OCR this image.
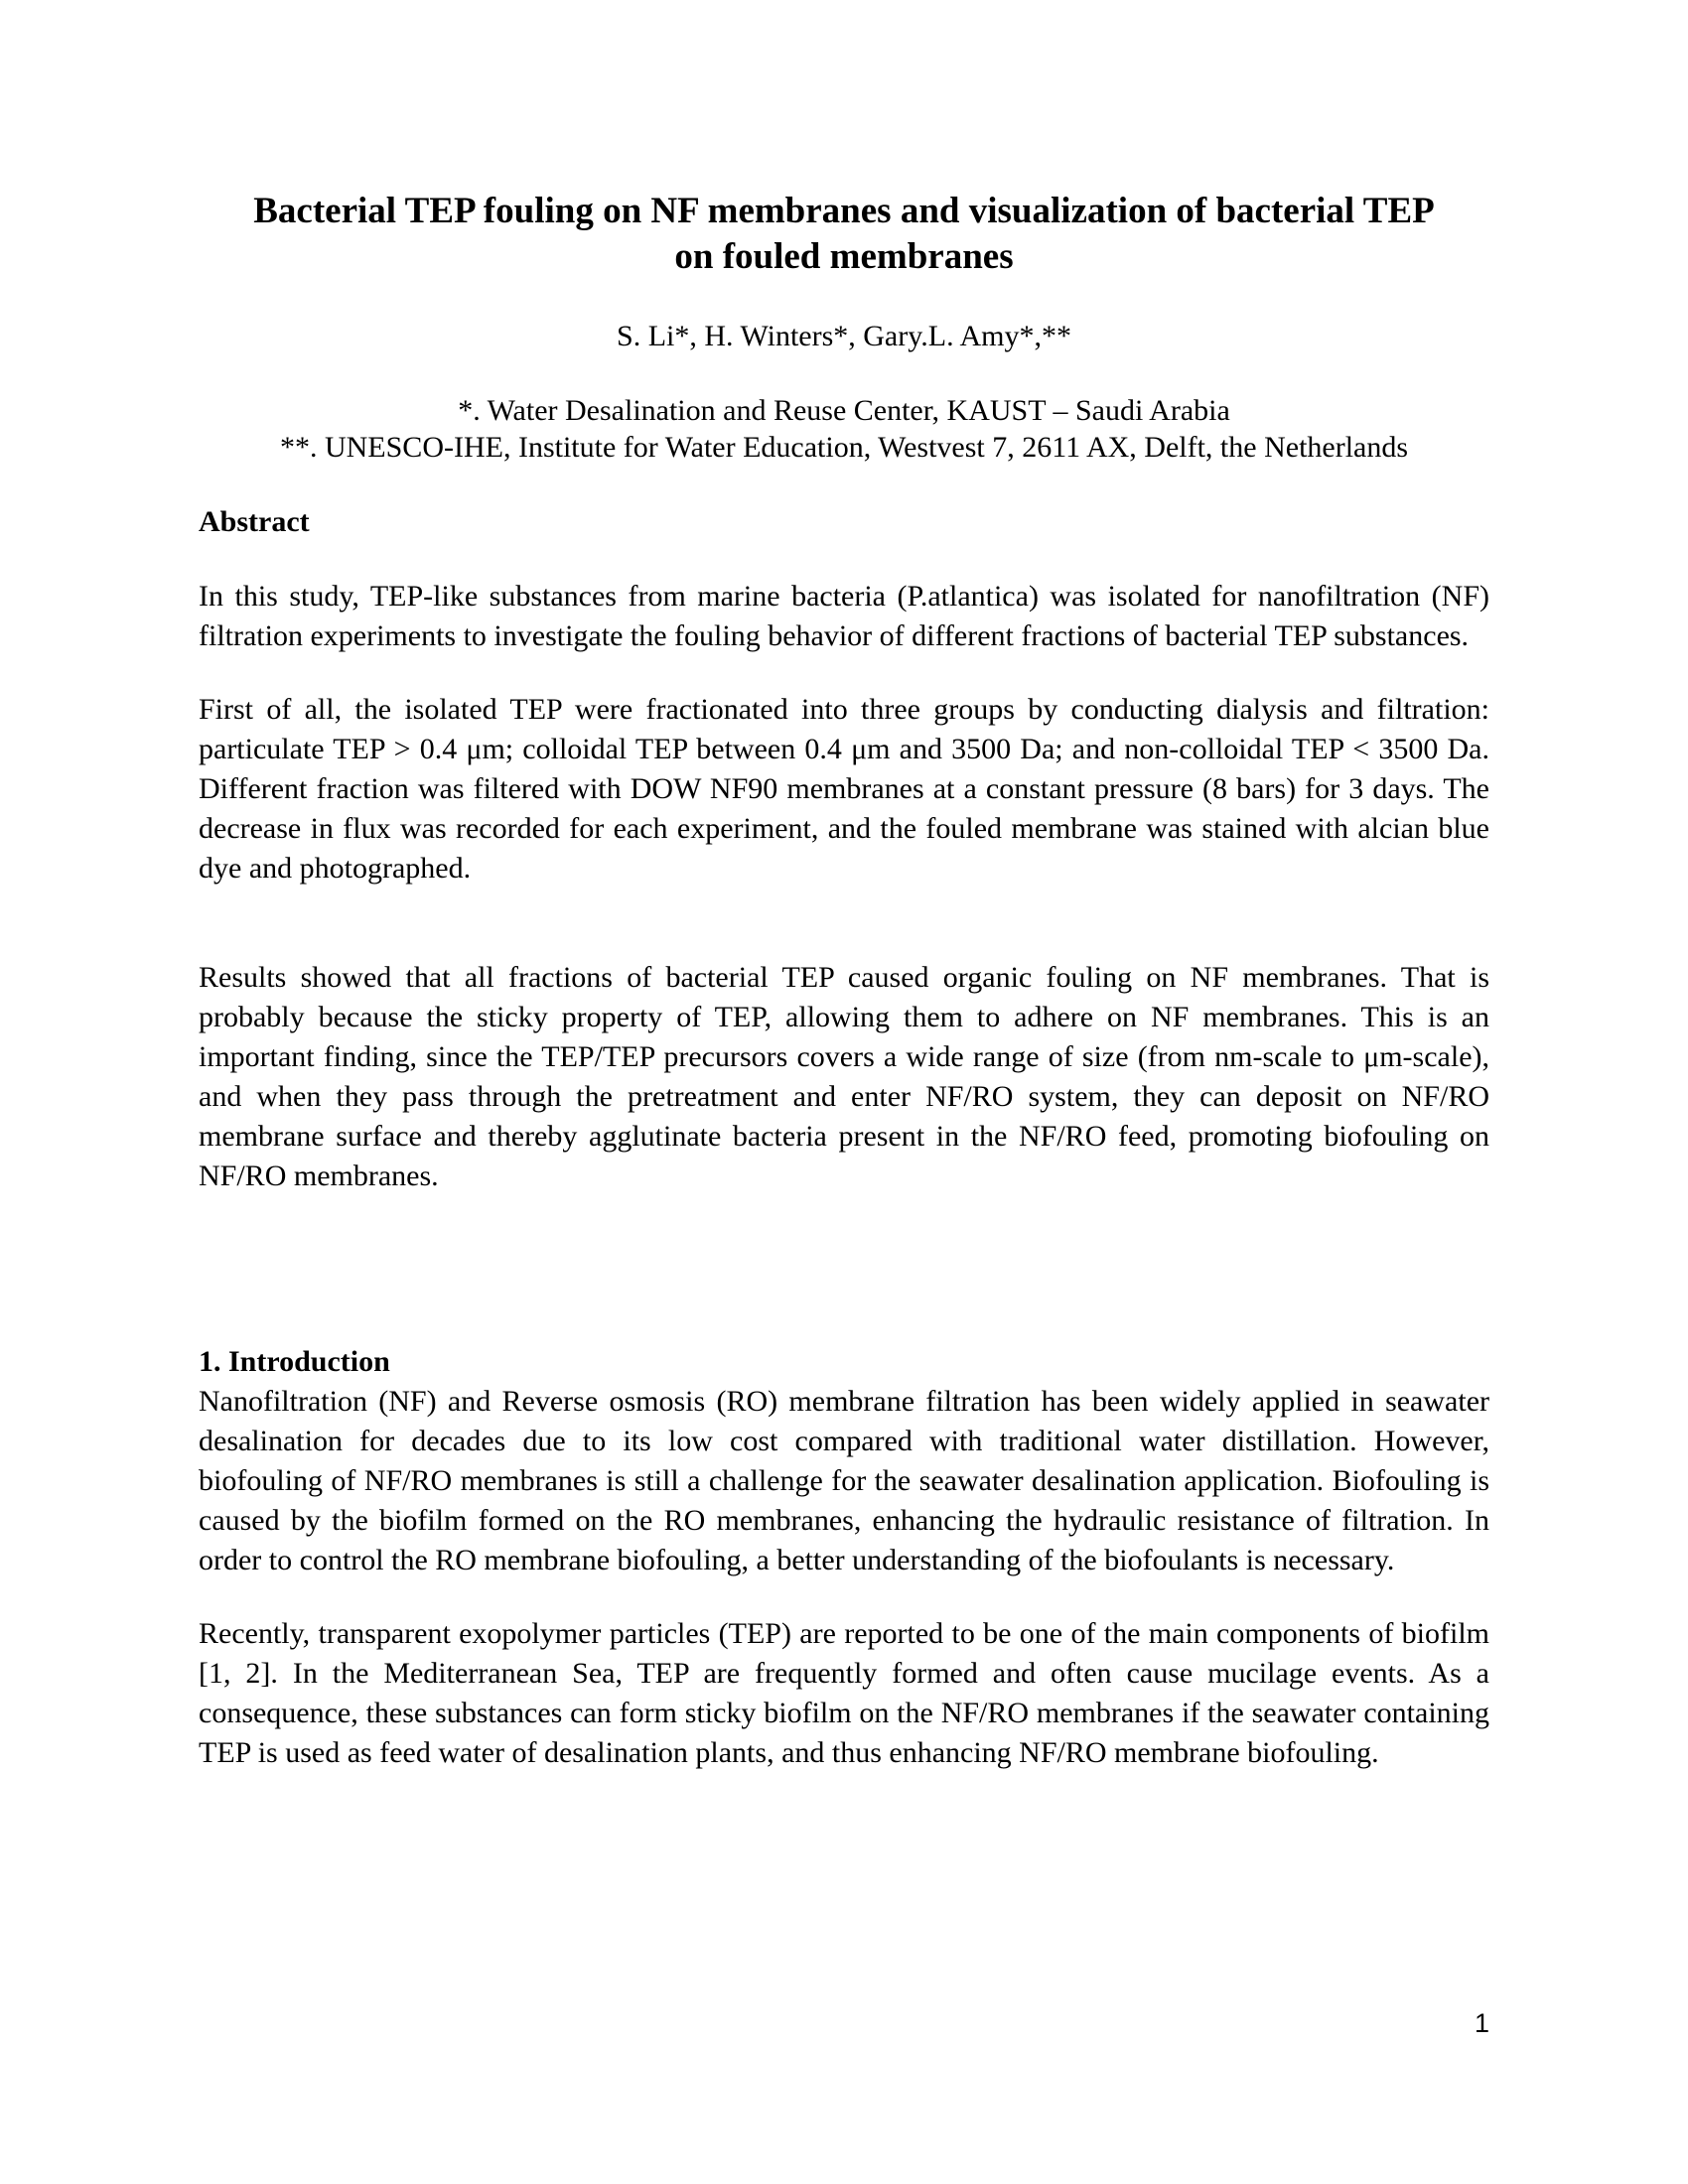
Bacterial TEP fouling on NF membranes and visualization of bacterial TEP
on fouled membranes
S. Li*, H. Winters*, Gary.L. Amy*,**
*. Water Desalination and Reuse Center, KAUST – Saudi Arabia
**. UNESCO-IHE, Institute for Water Education, Westvest 7, 2611 AX, Delft, the Netherlands
Abstract

In this study, TEP-like substances from marine bacteria (P.atlantica) was isolated for nanofiltration (NF) filtration experiments to investigate the fouling behavior of different fractions of bacterial TEP substances.

First of all, the isolated TEP were fractionated into three groups by conducting dialysis and filtration: particulate TEP > 0.4 μm; colloidal TEP between 0.4 μm and 3500 Da; and non-colloidal TEP < 3500 Da. Different fraction was filtered with DOW NF90 membranes at a constant pressure (8 bars) for 3 days. The decrease in flux was recorded for each experiment, and the fouled membrane was stained with alcian blue dye and photographed.

Results showed that all fractions of bacterial TEP caused organic fouling on NF membranes. That is probably because the sticky property of TEP, allowing them to adhere on NF membranes. This is an important finding, since the TEP/TEP precursors covers a wide range of size (from nm-scale to μm-scale), and when they pass through the pretreatment and enter NF/RO system, they can deposit on NF/RO membrane surface and thereby agglutinate bacteria present in the NF/RO feed, promoting biofouling on NF/RO membranes.

1. Introduction

Nanofiltration (NF) and Reverse osmosis (RO) membrane filtration has been widely applied in seawater desalination for decades due to its low cost compared with traditional water distillation. However, biofouling of NF/RO membranes is still a challenge for the seawater desalination application. Biofouling is caused by the biofilm formed on the RO membranes, enhancing the hydraulic resistance of filtration. In order to control the RO membrane biofouling, a better understanding of the biofoulants is necessary.

Recently, transparent exopolymer particles (TEP) are reported to be one of the main components of biofilm [1, 2]. In the Mediterranean Sea, TEP are frequently formed and often cause mucilage events. As a consequence, these substances can form sticky biofilm on the NF/RO membranes if the seawater containing TEP is used as feed water of desalination plants, and thus enhancing NF/RO membrane biofouling.

1
